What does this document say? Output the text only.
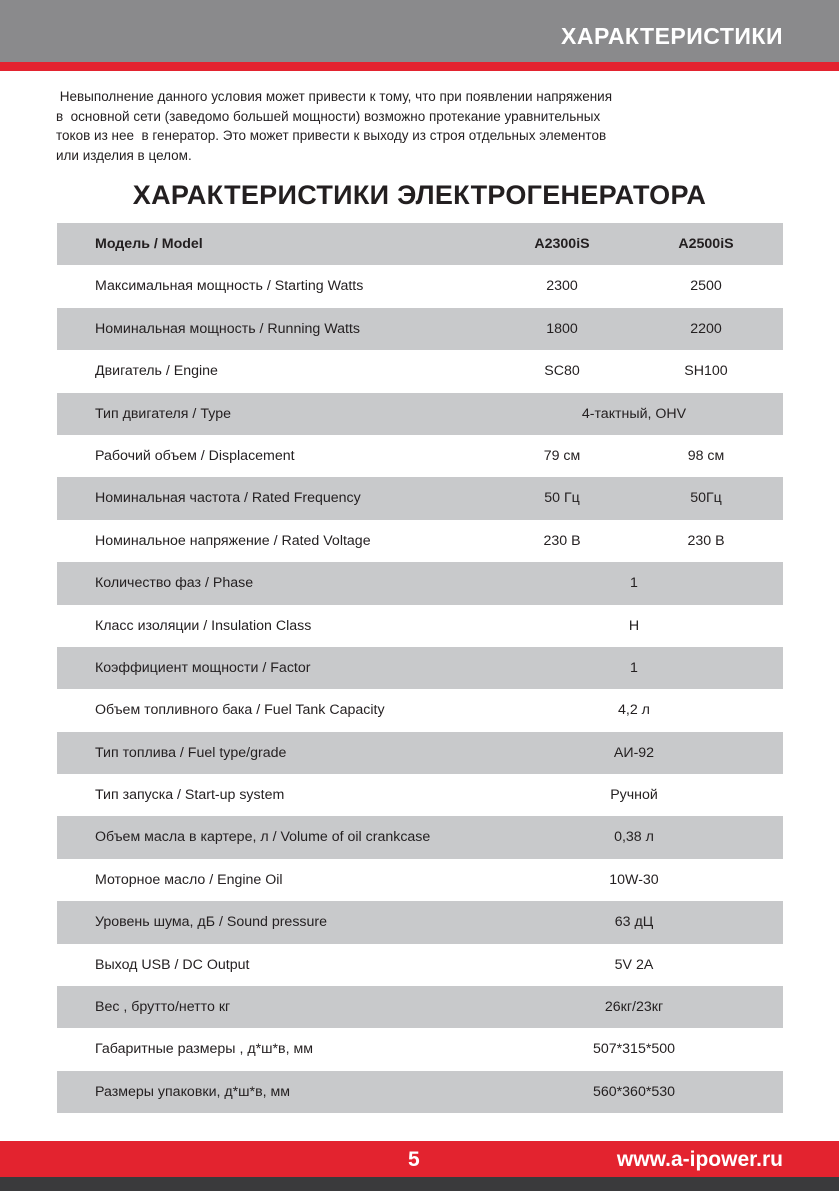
ХАРАКТЕРИСТИКИ
Невыполнение данного условия может привести к тому, что при появлении напряжения
в  основной сети (заведомо большей мощности) возможно протекание уравнительных
токов из нее  в генератор. Это может привести к выходу из строя отдельных элементов
или изделия в целом.
ХАРАКТЕРИСТИКИ ЭЛЕКТРОГЕНЕРАТОРА
Модель / Model	A2300iS	A2500iS
Максимальная мощность / Starting Watts	2300	2500
Номинальная мощность / Running Watts	1800	2200
Двигатель / Engine	SC80	SH100
Тип двигателя / Type	4-тактный, OHV
Рабочий объем / Displacement	79 см	98 см
Номинальная частота / Rated Frequency	50 Гц	50Гц
Номинальное напряжение / Rated Voltage	230 В	230 В
Количество фаз / Phase	1
Класс изоляции / Insulation Class	H
Коэффициент мощности / Factor	1
Объем топливного бака / Fuel Tank Capacity	4,2 л
Тип топлива / Fuel type/grade	АИ-92
Тип запуска / Start-up system	Ручной
Объем масла в картере, л / Volume of oil crankcase	0,38 л
Моторное масло / Engine Oil	10W-30
Уровень шума, дБ / Sound pressure	63 дЦ
Выход USB / DC Output	5V 2A
Вес , брутто/нетто кг	26кг/23кг
Габаритные размеры , д*ш*в, мм	507*315*500
Размеры упаковки, д*ш*в, мм	560*360*530
5	www.a-ipower.ru
